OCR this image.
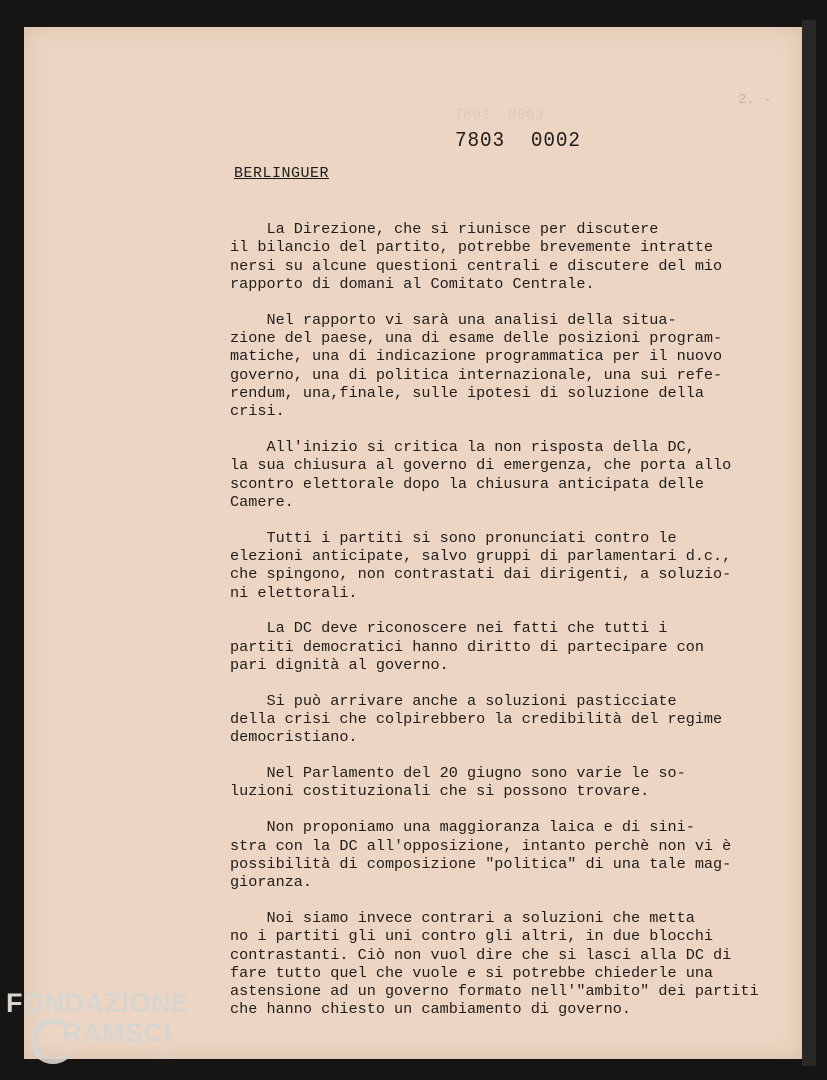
7803  0003
2. -
7803 0002
BERLINGUER
La Direzione, che si riunisce per discutere
il bilancio del partito, potrebbe brevemente intratte
nersi su alcune questioni centrali e discutere del mio
rapporto di domani al Comitato Centrale.
Nel rapporto vi sarà una analisi della situa-
zione del paese, una di esame delle posizioni program-
matiche, una di indicazione programmatica per il nuovo
governo, una di politica internazionale, una sui refe-
rendum, una,finale, sulle ipotesi di soluzione della
crisi.
All'inizio si critica la non risposta della DC,
la sua chiusura al governo di emergenza, che porta allo
scontro elettorale dopo la chiusura anticipata delle
Camere.
Tutti i partiti si sono pronunciati contro le
elezioni anticipate, salvo gruppi di parlamentari d.c.,
che spingono, non contrastati dai dirigenti, a soluzio-
ni elettorali.
La DC deve riconoscere nei fatti che tutti i
partiti democratici hanno diritto di partecipare con
pari dignità al governo.
Si può arrivare anche a soluzioni pasticciate
della crisi che colpirebbero la credibilità del regime
democristiano.
Nel Parlamento del 20 giugno sono varie le so-
luzioni costituzionali che si possono trovare.
Non proponiamo una maggioranza laica e di sini-
stra con la DC all'opposizione, intanto perchè non vi è
possibilità di composizione "politica" di una tale mag-
gioranza.
Noi siamo invece contrari a soluzioni che metta
no i partiti gli uni contro gli altri, in due blocchi
contrastanti. Ciò non vuol dire che si lasci alla DC di
fare tutto quel che vuole e si potrebbe chiederle una
astensione ad un governo formato nell'"ambito" dei partiti
che hanno chiesto un cambiamento di governo.
FONDAZIONE
RAMSCI
onlus
